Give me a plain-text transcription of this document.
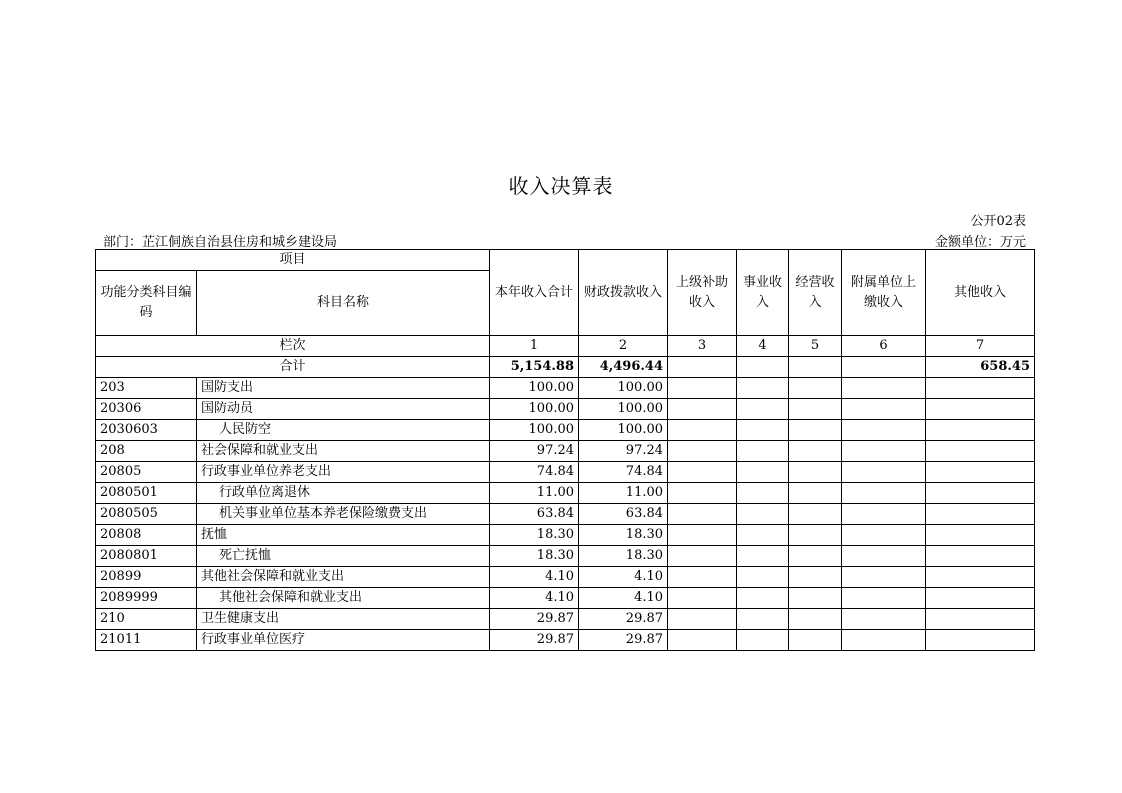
收入决算表
公开02表
部门：芷江侗族自治县住房和城乡建设局	金额单位：万元
项目		本年收入合计	财政拨款收入	上级补助收入	事业收入	经营收入	附属单位上缴收入	其他收入
功能分类科目编码	科目名称							
栏次		1	2	3	4	5	6	7
合计		5,154.88	4,496.44					658.45
203	国防支出	100.00	100.00					
20306	国防动员	100.00	100.00					
2030603	人民防空	100.00	100.00					
208	社会保障和就业支出	97.24	97.24					
20805	行政事业单位养老支出	74.84	74.84					
2080501	行政单位离退休	11.00	11.00					
2080505	机关事业单位基本养老保险缴费支出	63.84	63.84					
20808	抚恤	18.30	18.30					
2080801	死亡抚恤	18.30	18.30					
20899	其他社会保障和就业支出	4.10	4.10					
2089999	其他社会保障和就业支出	4.10	4.10					
210	卫生健康支出	29.87	29.87					
21011	行政事业单位医疗	29.87	29.87					
